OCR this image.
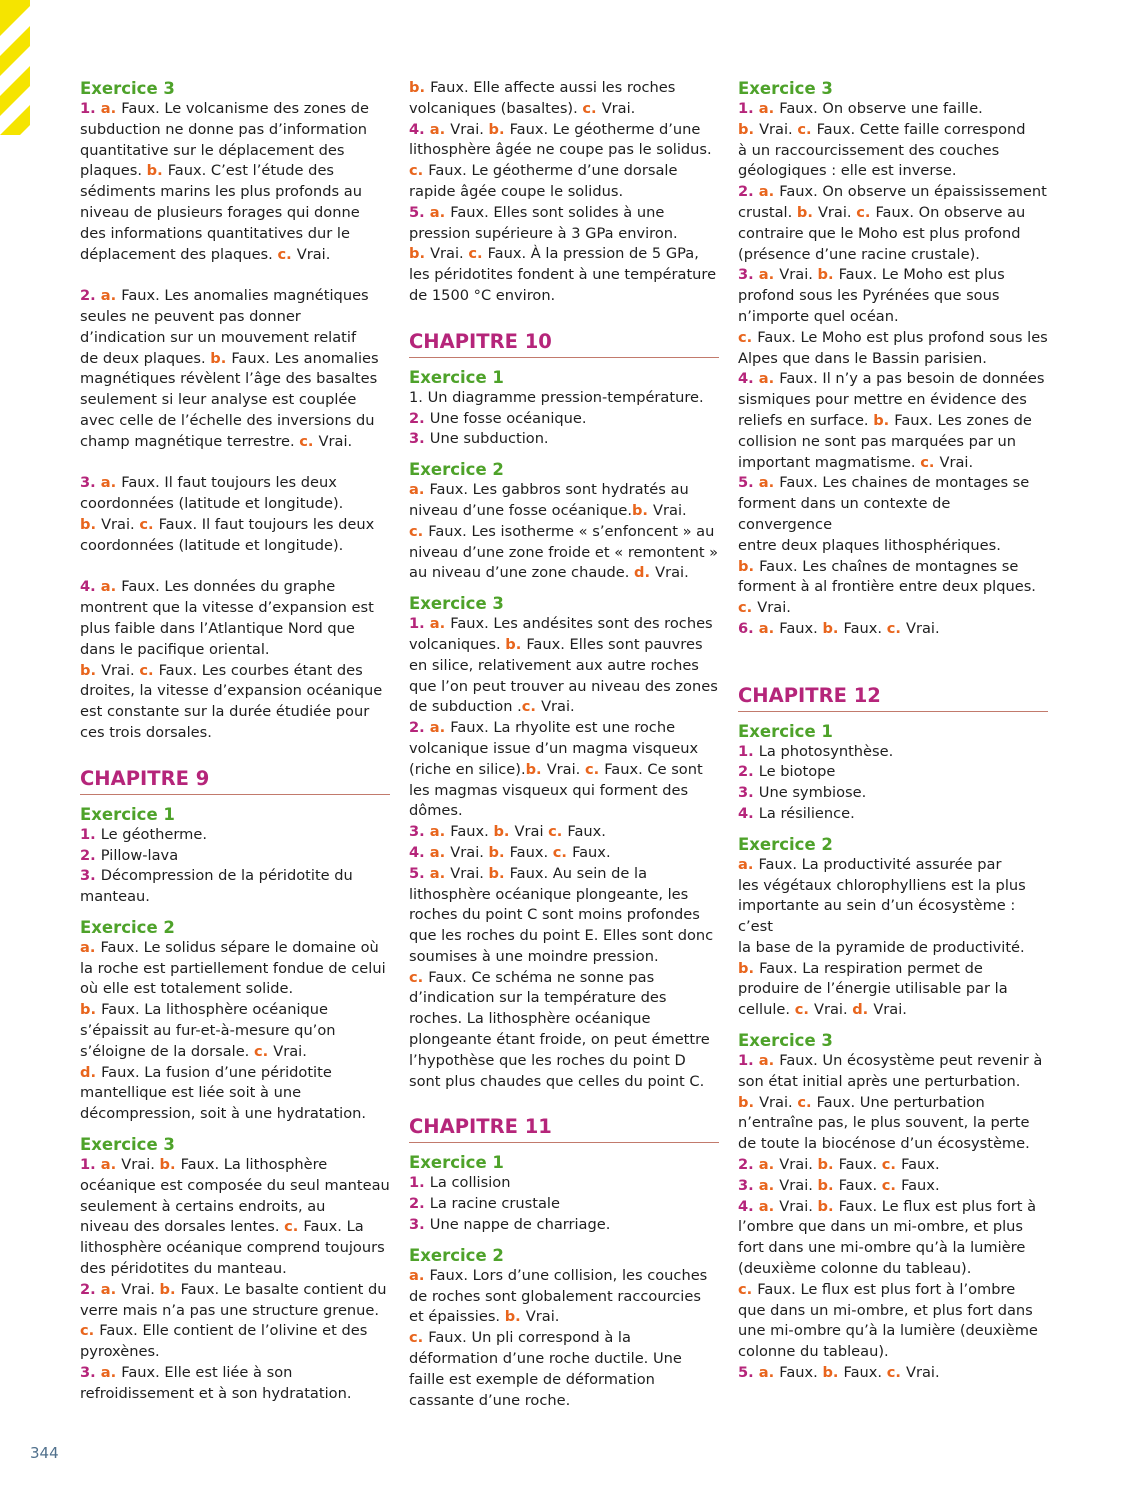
Exercice 3
1. a. Faux. Le volcanisme des zones de
subduction ne donne pas d’information
quantitative sur le déplacement des
plaques. b. Faux. C’est l’étude des
sédiments marins les plus profonds au
niveau de plusieurs forages qui donne
des informations quantitatives dur le
déplacement des plaques. c. Vrai.
2. a. Faux. Les anomalies magnétiques
seules ne peuvent pas donner
d’indication sur un mouvement relatif
de deux plaques. b. Faux. Les anomalies
magnétiques révèlent l’âge des basaltes
seulement si leur analyse est couplée
avec celle de l’échelle des inversions du
champ magnétique terrestre. c. Vrai.
3. a. Faux. Il faut toujours les deux
coordonnées (latitude et longitude).
b. Vrai. c. Faux. Il faut toujours les deux
coordonnées (latitude et longitude).
4. a. Faux. Les données du graphe
montrent que la vitesse d’expansion est
plus faible dans l’Atlantique Nord que
dans le pacifique oriental.
b. Vrai. c. Faux. Les courbes étant des
droites, la vitesse d’expansion océanique
est constante sur la durée étudiée pour
ces trois dorsales.
CHAPITRE 9
Exercice 1
1. Le géotherme.
2. Pillow-lava
3. Décompression de la péridotite du
manteau.
Exercice 2
a. Faux. Le solidus sépare le domaine où
la roche est partiellement fondue de celui
où elle est totalement solide.
b. Faux. La lithosphère océanique
s’épaissit au fur-et-à-mesure qu’on
s’éloigne de la dorsale. c. Vrai.
d. Faux. La fusion d’une péridotite
mantellique est liée soit à une
décompression, soit à une hydratation.
Exercice 3
1. a. Vrai. b. Faux. La lithosphère
océanique est composée du seul manteau
seulement à certains endroits, au
niveau des dorsales lentes. c. Faux. La
lithosphère océanique comprend toujours
des péridotites du manteau.
2. a. Vrai. b. Faux. Le basalte contient du
verre mais n’a pas une structure grenue.
c. Faux. Elle contient de l’olivine et des
pyroxènes.
3. a. Faux. Elle est liée à son
refroidissement et à son hydratation.
b. Faux. Elle affecte aussi les roches
volcaniques (basaltes). c. Vrai.
4. a. Vrai. b. Faux. Le géotherme d’une
lithosphère âgée ne coupe pas le solidus.
c. Faux. Le géotherme d’une dorsale
rapide âgée coupe le solidus.
5. a. Faux. Elles sont solides à une
pression supérieure à 3 GPa environ.
b. Vrai. c. Faux. À la pression de 5 GPa,
les péridotites fondent à une température
de 1500 °C environ.
CHAPITRE 10
Exercice 1
1. Un diagramme pression-température.
2. Une fosse océanique.
3. Une subduction.
Exercice 2
a. Faux. Les gabbros sont hydratés au
niveau d’une fosse océanique.b. Vrai.
c. Faux. Les isotherme « s’enfoncent » au
niveau d’une zone froide et « remontent »
au niveau d’une zone chaude. d. Vrai.
Exercice 3
1. a. Faux. Les andésites sont des roches
volcaniques. b. Faux. Elles sont pauvres
en silice, relativement aux autre roches
que l’on peut trouver au niveau des zones
de subduction .c. Vrai.
2. a. Faux. La rhyolite est une roche
volcanique issue d’un magma visqueux
(riche en silice).b. Vrai. c. Faux. Ce sont
les magmas visqueux qui forment des
dômes.
3. a. Faux. b. Vrai c. Faux.
4. a. Vrai. b. Faux. c. Faux.
5. a. Vrai. b. Faux. Au sein de la
lithosphère océanique plongeante, les
roches du point C sont moins profondes
que les roches du point E. Elles sont donc
soumises à une moindre pression.
c. Faux. Ce schéma ne sonne pas
d’indication sur la température des
roches. La lithosphère océanique
plongeante étant froide, on peut émettre
l’hypothèse que les roches du point D
sont plus chaudes que celles du point C.
CHAPITRE 11
Exercice 1
1. La collision
2. La racine crustale
3. Une nappe de charriage.
Exercice 2
a. Faux. Lors d’une collision, les couches
de roches sont globalement raccourcies
et épaissies. b. Vrai.
c. Faux. Un pli correspond à la
déformation d’une roche ductile. Une
faille est exemple de déformation
cassante d’une roche.
Exercice 3
1. a. Faux. On observe une faille.
b. Vrai. c. Faux. Cette faille correspond
à un raccourcissement des couches
géologiques : elle est inverse.
2. a. Faux. On observe un épaississement
crustal. b. Vrai. c. Faux. On observe au
contraire que le Moho est plus profond
(présence d’une racine crustale).
3. a. Vrai. b. Faux. Le Moho est plus
profond sous les Pyrénées que sous
n’importe quel océan.
c. Faux. Le Moho est plus profond sous les
Alpes que dans le Bassin parisien.
4. a. Faux. Il n’y a pas besoin de données
sismiques pour mettre en évidence des
reliefs en surface. b. Faux. Les zones de
collision ne sont pas marquées par un
important magmatisme. c. Vrai.
5. a. Faux. Les chaines de montages se
forment dans un contexte de convergence
entre deux plaques lithosphériques.
b. Faux. Les chaînes de montagnes se
forment à al frontière entre deux plques.
c. Vrai.
6. a. Faux. b. Faux. c. Vrai.
CHAPITRE 12
Exercice 1
1. La photosynthèse.
2. Le biotope
3. Une symbiose.
4. La résilience.
Exercice 2
a. Faux. La productivité assurée par
les végétaux chlorophylliens est la plus
importante au sein d’un écosystème : c’est
la base de la pyramide de productivité.
b. Faux. La respiration permet de
produire de l’énergie utilisable par la
cellule. c. Vrai. d. Vrai.
Exercice 3
1. a. Faux. Un écosystème peut revenir à
son état initial après une perturbation.
b. Vrai. c. Faux. Une perturbation
n’entraîne pas, le plus souvent, la perte
de toute la biocénose d’un écosystème.
2. a. Vrai. b. Faux. c. Faux.
3. a. Vrai. b. Faux. c. Faux.
4. a. Vrai. b. Faux. Le flux est plus fort à
l’ombre que dans un mi-ombre, et plus
fort dans une mi-ombre qu’à la lumière
(deuxième colonne du tableau).
c. Faux. Le flux est plus fort à l’ombre
que dans un mi-ombre, et plus fort dans
une mi-ombre qu’à la lumière (deuxième
colonne du tableau).
5. a. Faux. b. Faux. c. Vrai.
344
